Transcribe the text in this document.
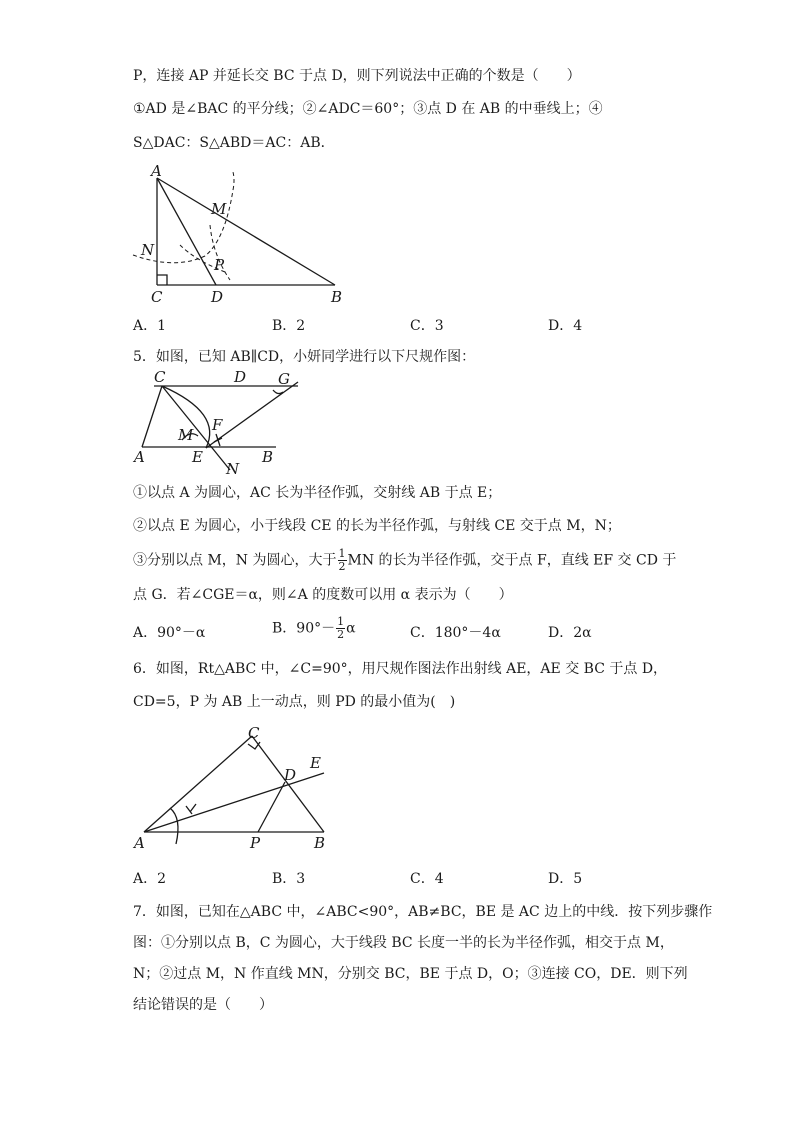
P，连接 AP 并延长交 BC 于点 D，则下列说法中正确的个数是（　　）
①AD 是∠BAC 的平分线；②∠ADC＝60°；③点 D 在 AB 的中垂线上；④
S△DAC：S△ABD＝AC：AB．
A
M
N
P
C	D	B
A．1	B．2	C．3	D．4
5．如图，已知 AB∥CD，小妍同学进行以下尺规作图：
C	D G
M
F
A	E	B
N
①以点 A 为圆心，AC 长为半径作弧，交射线 AB 于点 E；
②以点 E 为圆心，小于线段 CE 的长为半径作弧，与射线 CE 交于点 M，N；
③分别以点 M，N 为圆心，大于 $\frac{1}{2}$ MN 的长为半径作弧，交于点 F，直线 EF 交 CD 于
点 G．若∠CGE＝α，则∠A 的度数可以用 α 表示为（　　）
A．90°－α	B．$90^\circ- \frac{1}{2}$ α	C．180°－4α	D．2α
6．如图，Rt△ABC 中，∠C=90°，用尺规作图法作出射线 AE，AE 交 BC 于点 D，
CD=5，P 为 AB 上一动点，则 PD 的最小值为(　)
C
D
E
A	P	B
A．2	B．3	C．4	D．5
7．如图，已知在△ABC 中，∠ABC<90°，AB≠BC，BE 是 AC 边上的中线．按下列步骤作
图：①分别以点 B，C 为圆心，大于线段 BC 长度一半的长为半径作弧，相交于点 M，
N；②过点 M，N 作直线 MN，分别交 BC，BE 于点 D，O；③连接 CO，DE．则下列
结论错误的是（　　）
